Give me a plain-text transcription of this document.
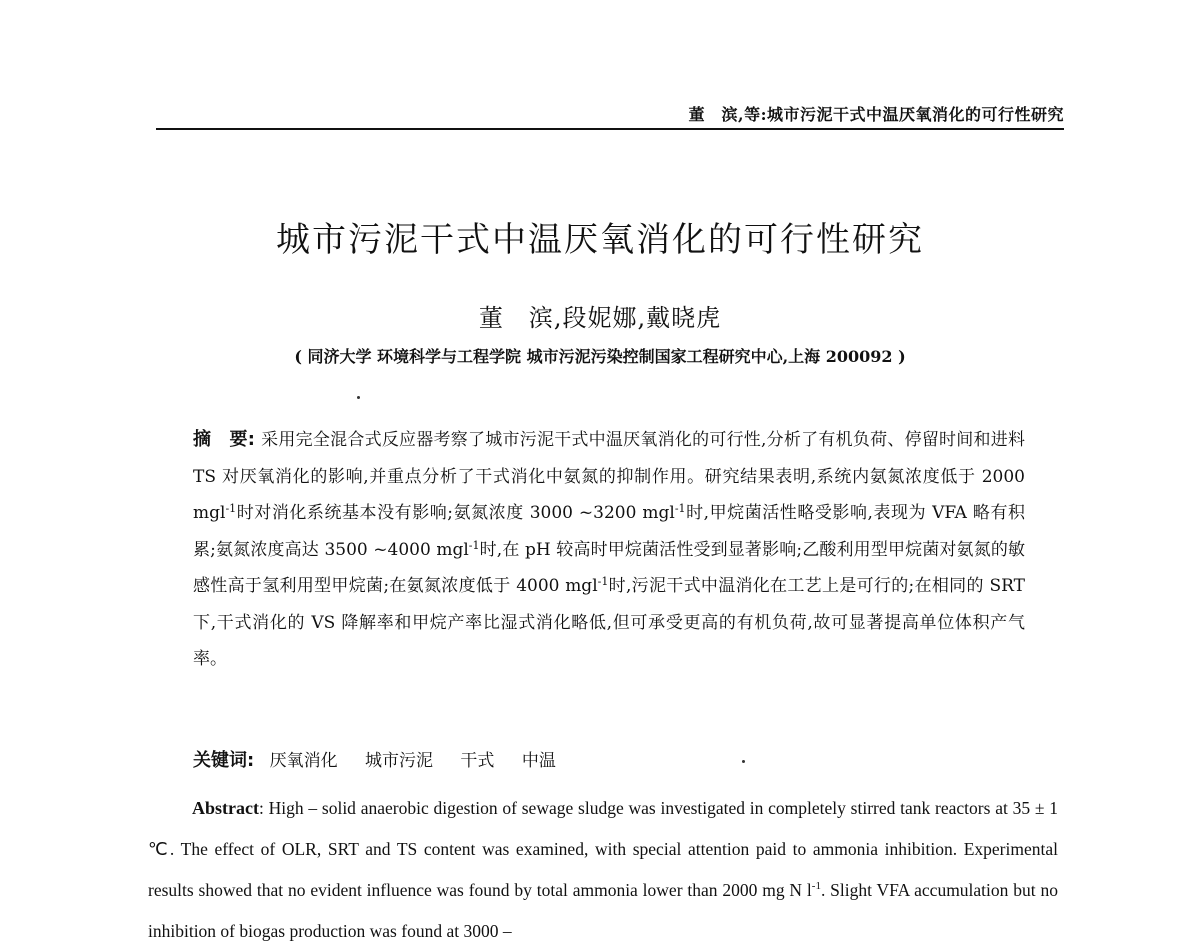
董　滨,等:城市污泥干式中温厌氧消化的可行性研究
城市污泥干式中温厌氧消化的可行性研究
董　滨,段妮娜,戴晓虎
( 同济大学 环境科学与工程学院 城市污泥污染控制国家工程研究中心,上海 200092 )
摘　要: 采用完全混合式反应器考察了城市污泥干式中温厌氧消化的可行性,分析了有机负荷、停留时间和进料 TS 对厌氧消化的影响,并重点分析了干式消化中氨氮的抑制作用。研究结果表明,系统内氨氮浓度低于 2000 mgl$^{-1}$时对消化系统基本没有影响;氨氮浓度 3000 ~3200 mgl$^{-1}$时,甲烷菌活性略受影响,表现为 VFA 略有积累;氨氮浓度高达 3500 ~4000 mgl$^{-1}$时,在 pH 较高时甲烷菌活性受到显著影响;乙酸利用型甲烷菌对氨氮的敏感性高于氢利用型甲烷菌;在氨氮浓度低于 4000 mgl$^{-1}$时,污泥干式中温消化在工艺上是可行的;在相同的 SRT 下,干式消化的 VS 降解率和甲烷产率比湿式消化略低,但可承受更高的有机负荷,故可显著提高单位体积产气率。
关键词: 厌氧消化 城市污泥 干式 中温
Abstract: High – solid anaerobic digestion of sewage sludge was investigated in completely stirred tank reactors at 35 ± 1 ℃. The effect of OLR, SRT and TS content was examined, with special attention paid to ammonia inhibition. Experimental results showed that no evident influence was found by total ammonia lower than 2000 mg N $l^{-1}$. Slight VFA accumulation but no inhibition of biogas production was found at 3000 –
